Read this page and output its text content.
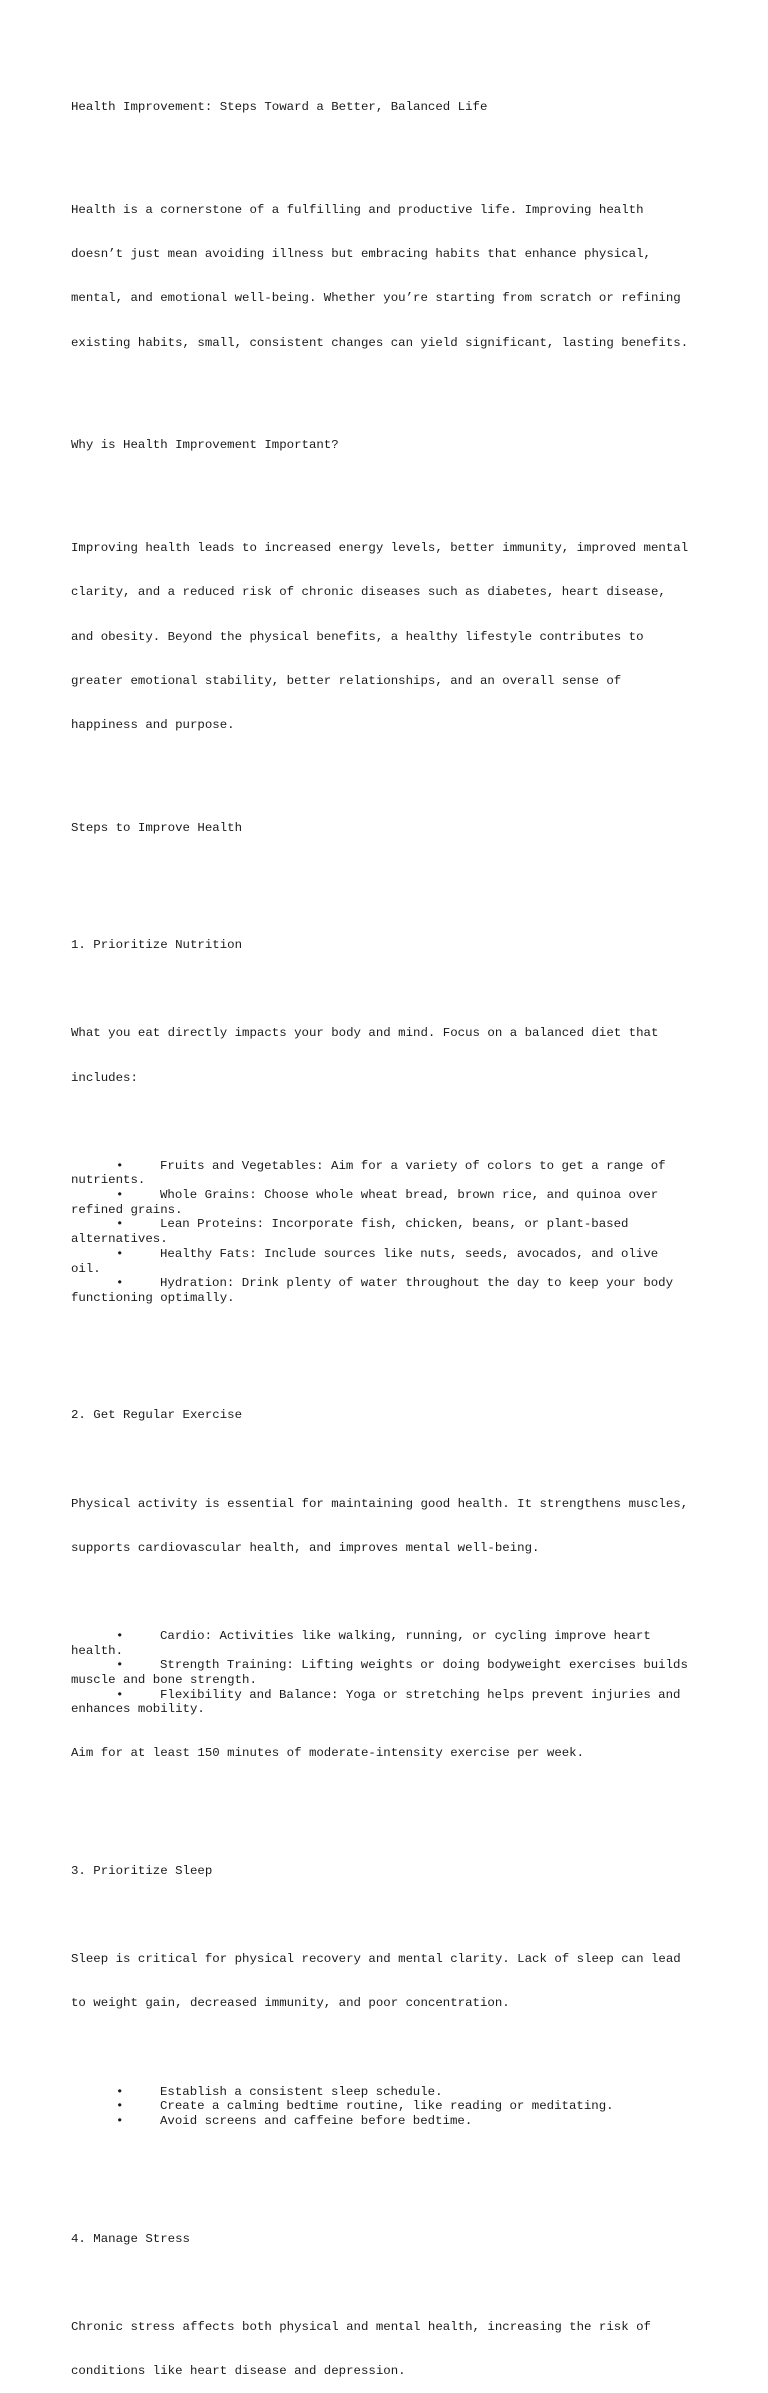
Health Improvement: Steps Toward a Better, Balanced Life

Health is a cornerstone of a fulfilling and productive life. Improving health

doesn’t just mean avoiding illness but embracing habits that enhance physical,

mental, and emotional well-being. Whether you’re starting from scratch or refining

existing habits, small, consistent changes can yield significant, lasting benefits.

Why is Health Improvement Important?

Improving health leads to increased energy levels, better immunity, improved mental

clarity, and a reduced risk of chronic diseases such as diabetes, heart disease,

and obesity. Beyond the physical benefits, a healthy lifestyle contributes to

greater emotional stability, better relationships, and an overall sense of

happiness and purpose.

Steps to Improve Health

1. Prioritize Nutrition

What you eat directly impacts your body and mind. Focus on a balanced diet that

includes:

•	Fruits and Vegetables: Aim for a variety of colors to get a range of
nutrients.
•	Whole Grains: Choose whole wheat bread, brown rice, and quinoa over
refined grains.
•	Lean Proteins: Incorporate fish, chicken, beans, or plant-based
alternatives.
•	Healthy Fats: Include sources like nuts, seeds, avocados, and olive
oil.
•	Hydration: Drink plenty of water throughout the day to keep your body
functioning optimally.

2. Get Regular Exercise

Physical activity is essential for maintaining good health. It strengthens muscles,

supports cardiovascular health, and improves mental well-being.

•	Cardio: Activities like walking, running, or cycling improve heart
health.
•	Strength Training: Lifting weights or doing bodyweight exercises builds
muscle and bone strength.
•	Flexibility and Balance: Yoga or stretching helps prevent injuries and
enhances mobility.

Aim for at least 150 minutes of moderate-intensity exercise per week.

3. Prioritize Sleep

Sleep is critical for physical recovery and mental clarity. Lack of sleep can lead

to weight gain, decreased immunity, and poor concentration.

•	Establish a consistent sleep schedule.
•	Create a calming bedtime routine, like reading or meditating.
•	Avoid screens and caffeine before bedtime.

4. Manage Stress

Chronic stress affects both physical and mental health, increasing the risk of

conditions like heart disease and depression.
